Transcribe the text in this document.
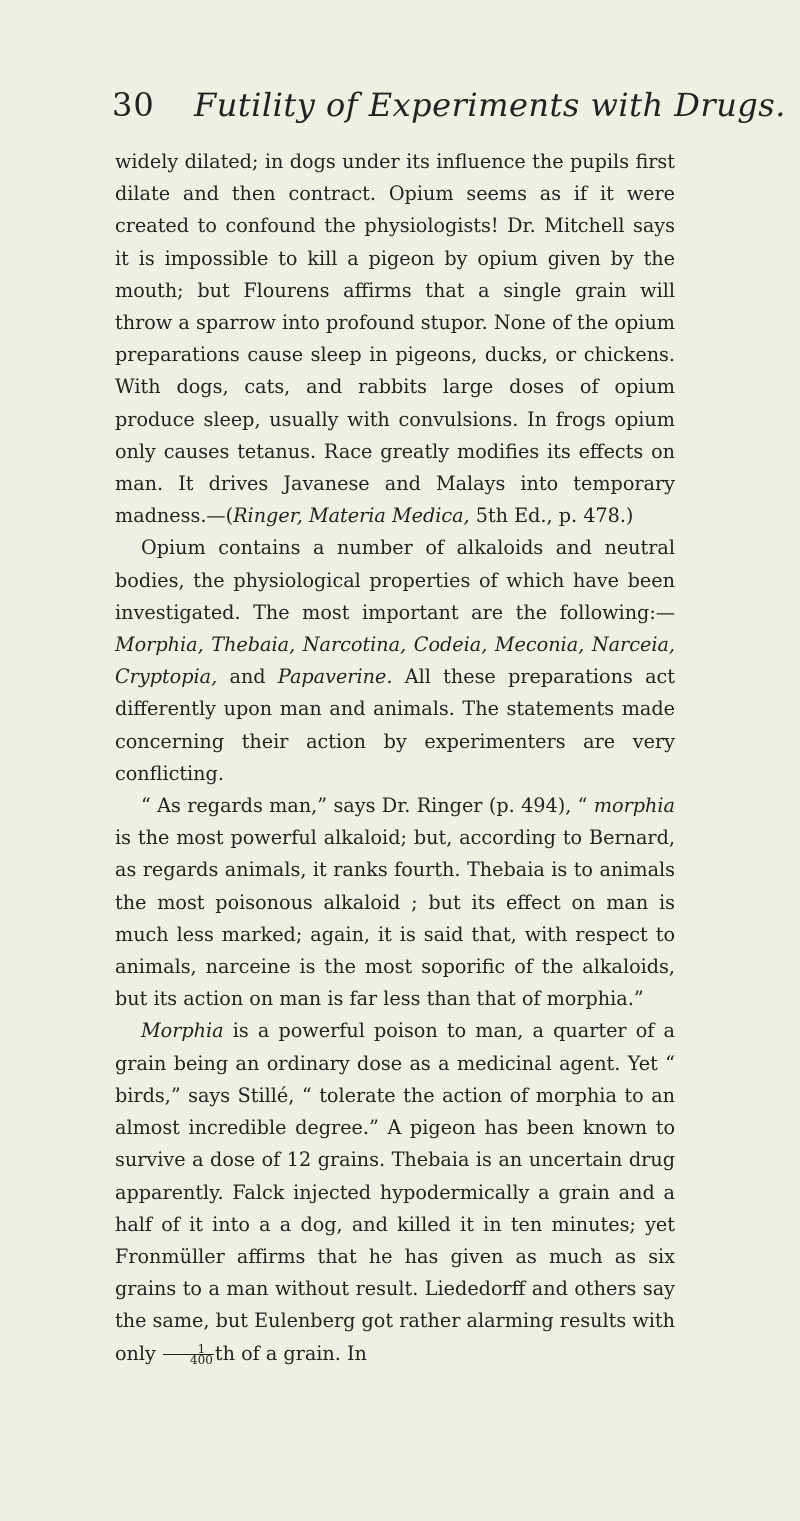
30 Futility of Experiments with Drugs.

widely dilated; in dogs under its influence the pupils first dilate and then contract. Opium seems as if it were created to confound the physiologists! Dr. Mitchell says it is impossible to kill a pigeon by opium given by the mouth; but Flourens affirms that a single grain will throw a sparrow into profound stupor. None of the opium preparations cause sleep in pigeons, ducks, or chickens. With dogs, cats, and rabbits large doses of opium produce sleep, usually with convulsions. In frogs opium only causes tetanus. Race greatly modifies its effects on man. It drives Javanese and Malays into temporary madness.—(Ringer, Materia Medica, 5th Ed., p. 478.)

Opium contains a number of alkaloids and neutral bodies, the physiological properties of which have been investigated. The most important are the following:—Morphia, Thebaia, Narcotina, Codeia, Meconia, Narceia, Cryptopia, and Papaverine. All these preparations act differently upon man and animals. The statements made concerning their action by experimenters are very conflicting.

“ As regards man,” says Dr. Ringer (p. 494), “ morphia is the most powerful alkaloid; but, according to Bernard, as regards animals, it ranks fourth. Thebaia is to animals the most poisonous alkaloid ; but its effect on man is much less marked; again, it is said that, with respect to animals, narceine is the most soporific of the alkaloids, but its action on man is far less than that of morphia.”

Morphia is a powerful poison to man, a quarter of a grain being an ordinary dose as a medicinal agent. Yet “ birds,” says Stillé, “ tolerate the action of morphia to an almost incredible degree.” A pigeon has been known to survive a dose of 12 grains. Thebaia is an uncertain drug apparently. Falck injected hypodermically a grain and a half of it into a a dog, and killed it in ten minutes; yet Fronmüller affirms that he has given as much as six grains to a man without result. Liededorff and others say the same, but Eulenberg got rather alarming results with only $\frac{1}{400}$ th of a grain. In
